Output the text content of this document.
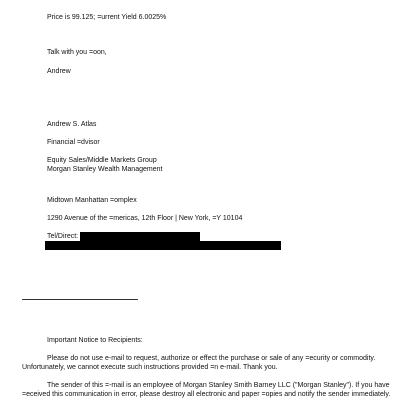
Price is 99.125; =urrent Yield 6.0025%
Talk with you =oon,
Andrew
Andrew S. Atlas
Financial =dvisor
Equity Sales/Middle Markets Group
Morgan Stanley Wealth Management
Midtown Manhattan =omplex
1290 Avenue of the =mericas, 12th Floor | New York, =Y 10104
Tel/Direct:
Important Notice to Recipients:
Please do not use e-mail to request, authorize or effect the purchase or sale of any =ecurity or commodity.
Unfortunately, we cannot execute such instructions provided =n e-mail. Thank you.
The sender of this =-mail is an employee of Morgan Stanley Smith Barney LLC ("Morgan Stanley"). If you have
=eceived this communication in error, please destroy all electronic and paper =opies and notify the sender immediately.
